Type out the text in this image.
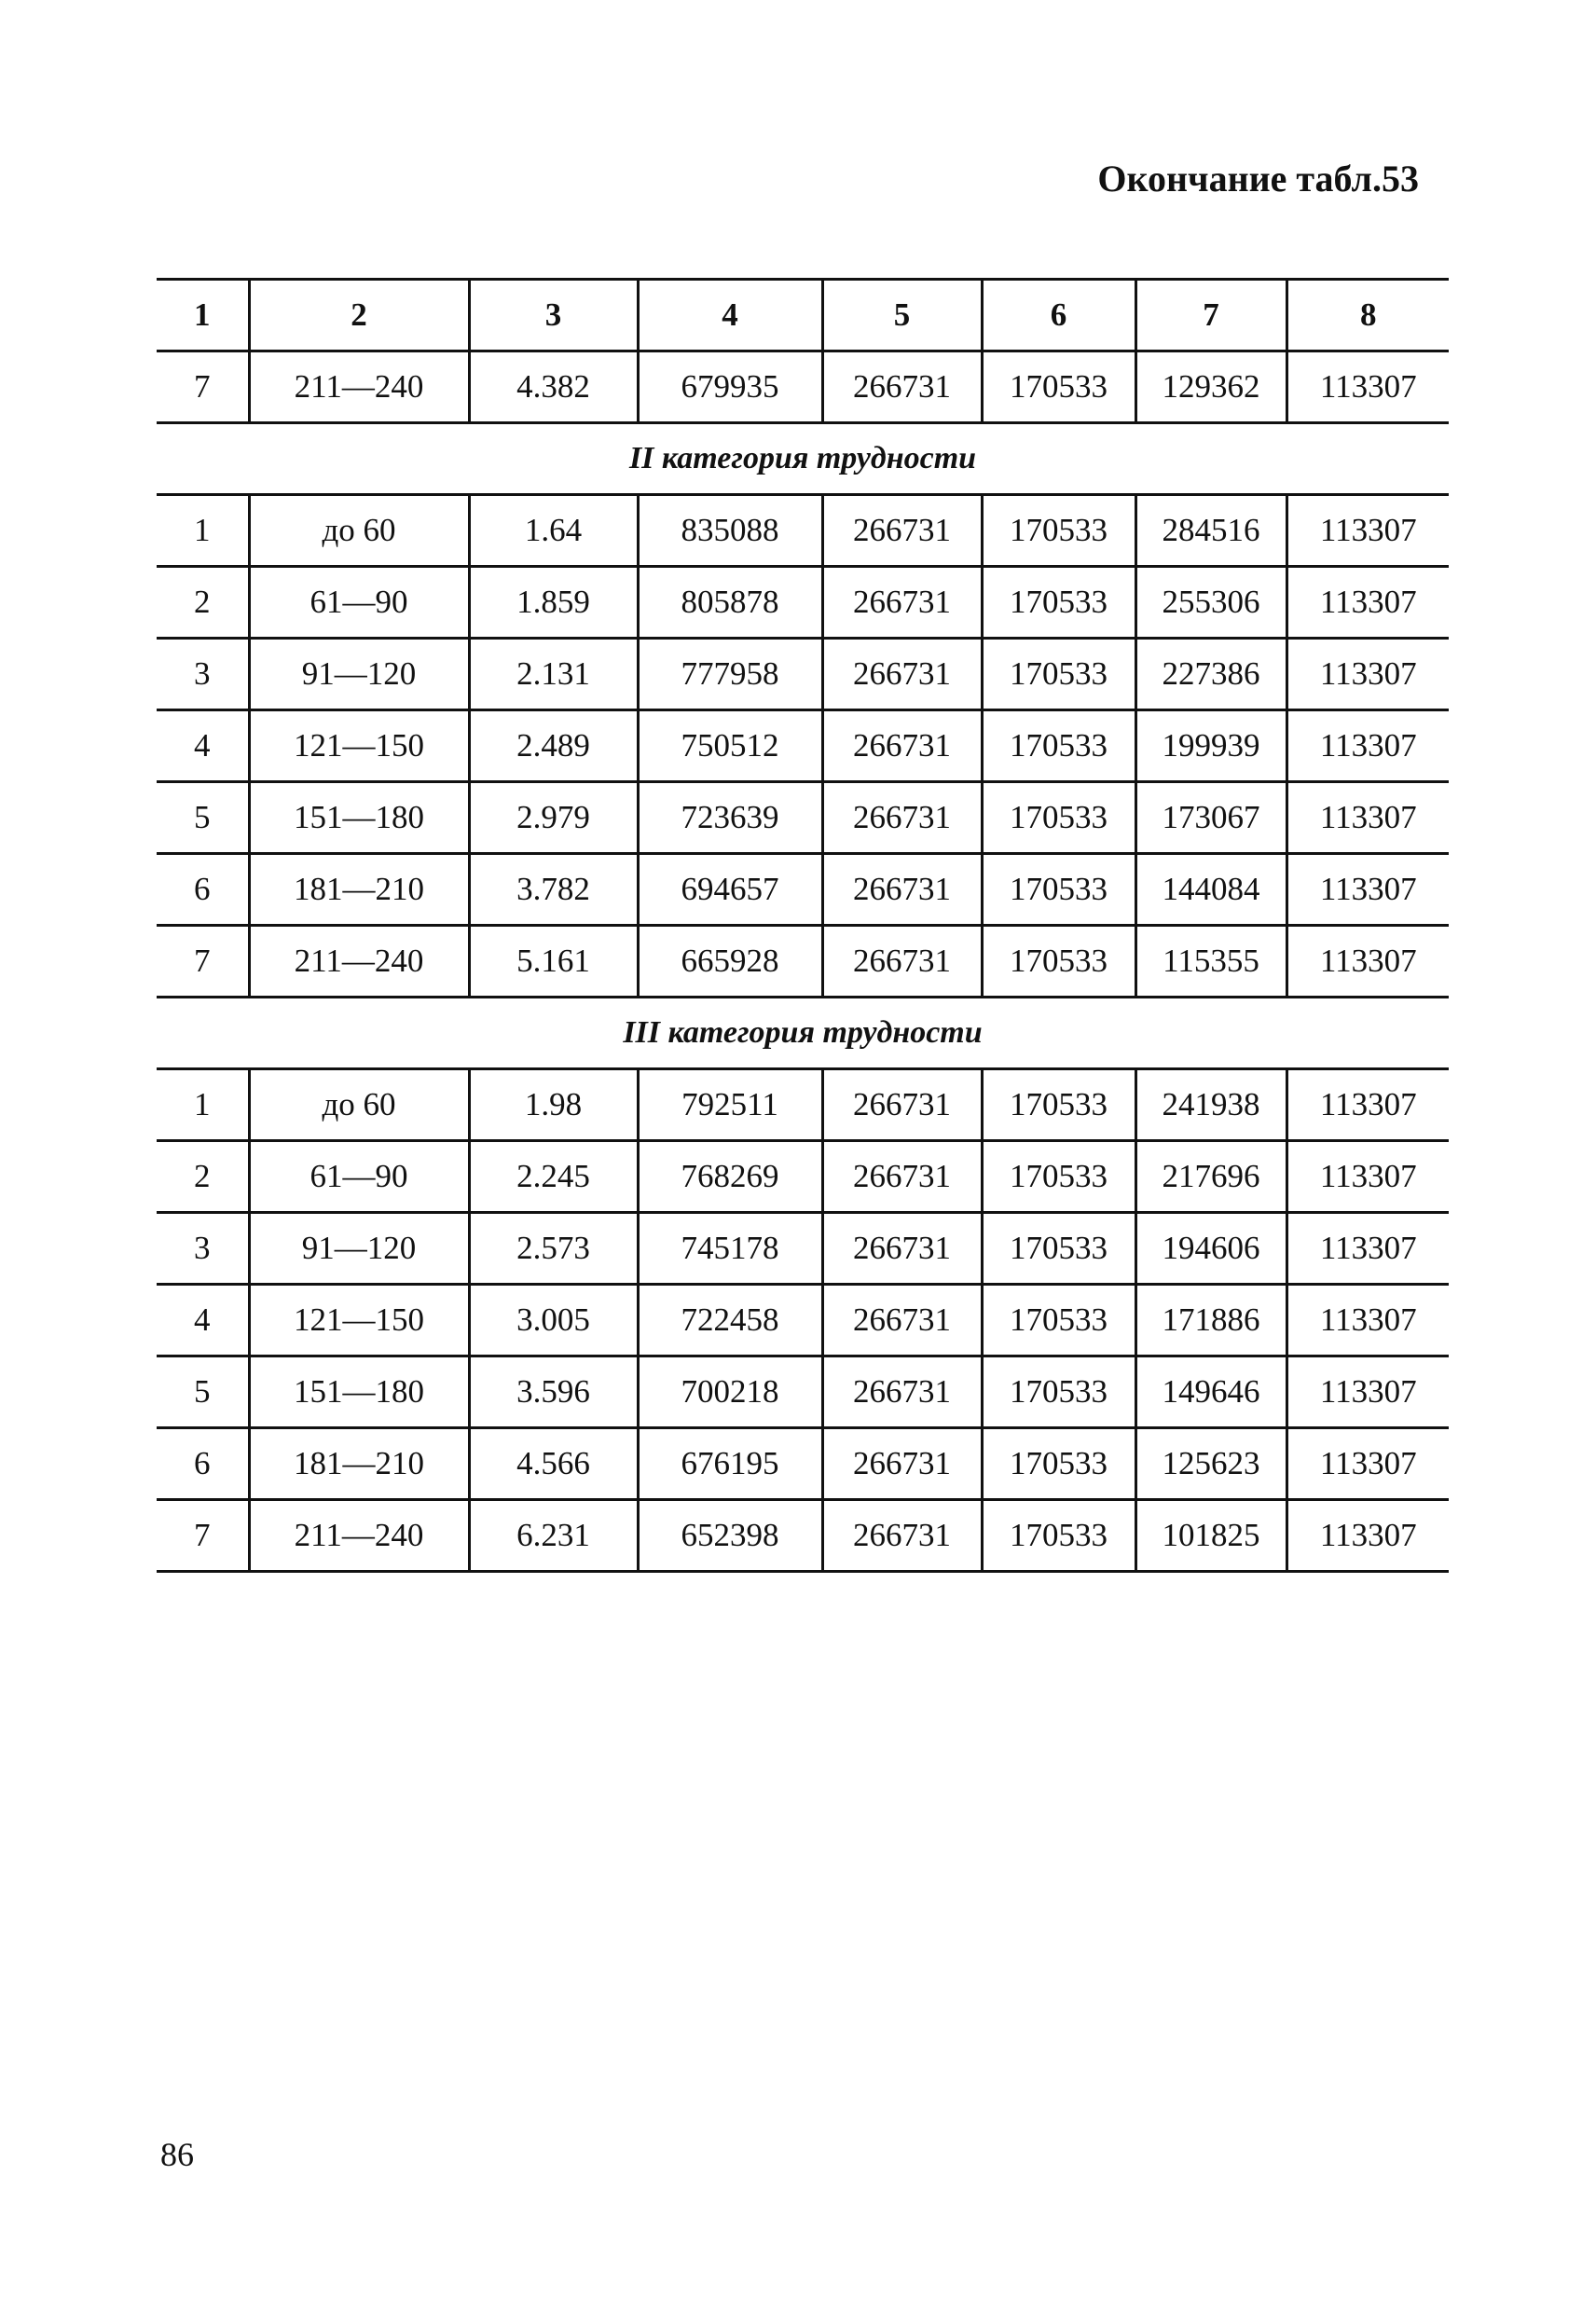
Окончание табл.53
1	2	3	4	5	6	7	8
7	211—240	4.382	679935	266731	170533	129362	113307
II категория трудности							
1	до 60	1.64	835088	266731	170533	284516	113307
2	61—90	1.859	805878	266731	170533	255306	113307
3	91—120	2.131	777958	266731	170533	227386	113307
4	121—150	2.489	750512	266731	170533	199939	113307
5	151—180	2.979	723639	266731	170533	173067	113307
6	181—210	3.782	694657	266731	170533	144084	113307
7	211—240	5.161	665928	266731	170533	115355	113307
III категория трудности							
1	до 60	1.98	792511	266731	170533	241938	113307
2	61—90	2.245	768269	266731	170533	217696	113307
3	91—120	2.573	745178	266731	170533	194606	113307
4	121—150	3.005	722458	266731	170533	171886	113307
5	151—180	3.596	700218	266731	170533	149646	113307
6	181—210	4.566	676195	266731	170533	125623	113307
7	211—240	6.231	652398	266731	170533	101825	113307
86
